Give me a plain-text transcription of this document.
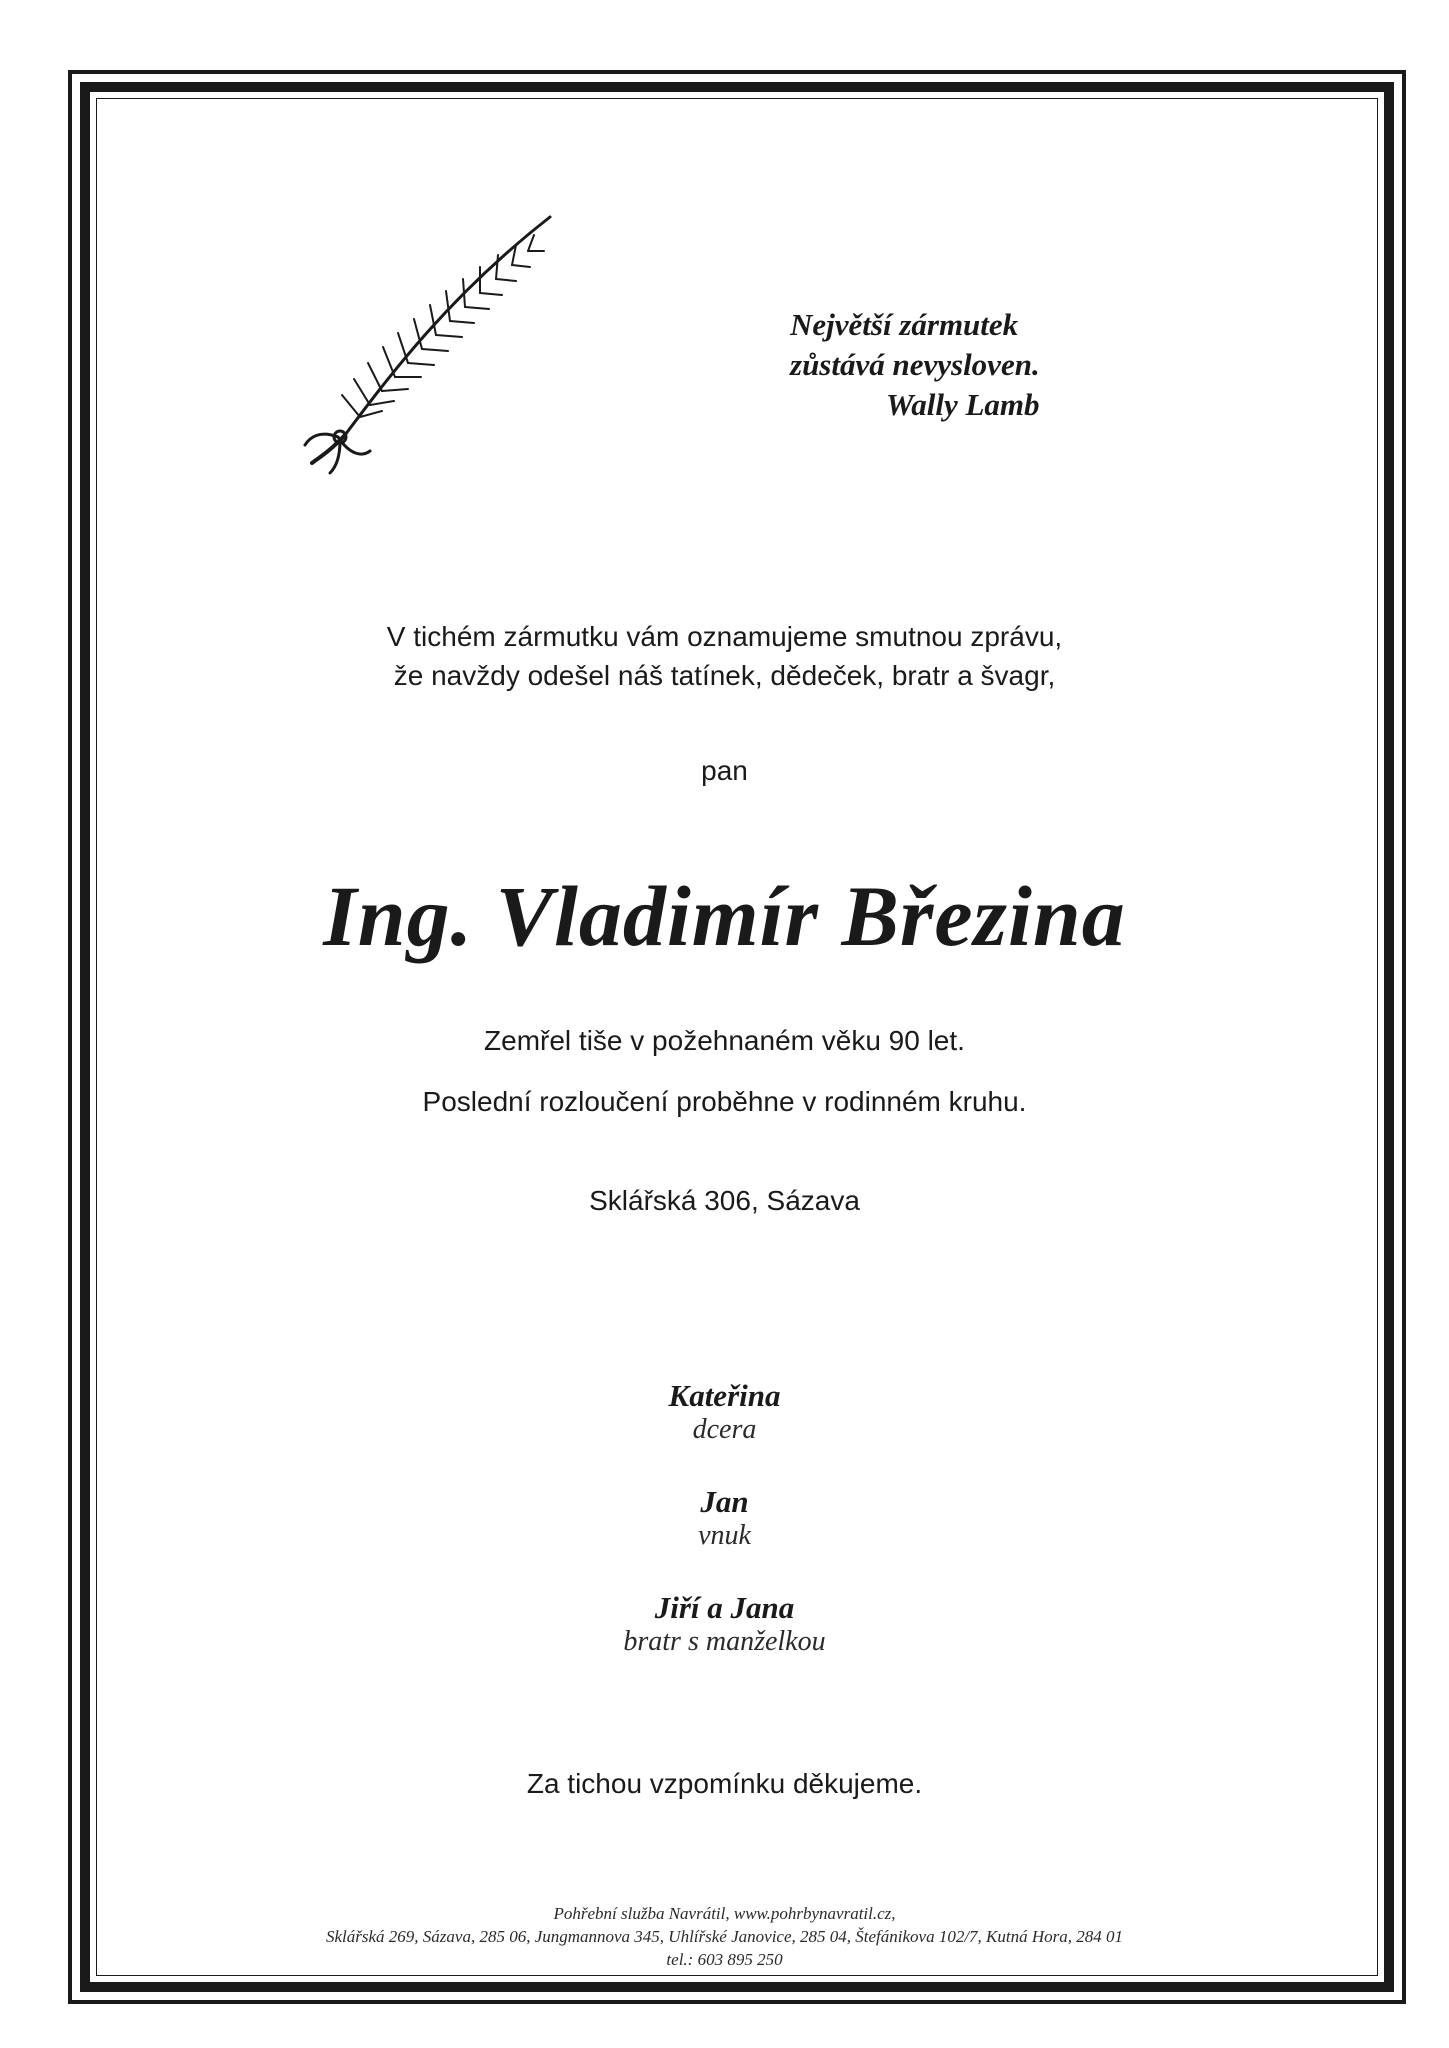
Největší zármutek
zůstává nevysloven.
Wally Lamb
V tichém zármutku vám oznamujeme smutnou zprávu,
že navždy odešel náš tatínek, dědeček, bratr a švagr,
pan
Ing. Vladimír Březina
Zemřel tiše v požehnaném věku 90 let.
Poslední rozloučení proběhne v rodinném kruhu.
Sklářská 306, Sázava
Kateřina
dcera
Jan
vnuk
Jiří a Jana
bratr s manželkou
Za tichou vzpomínku děkujeme.
Pohřební služba Navrátil, www.pohrbynavratil.cz,
Sklářská 269, Sázava, 285 06, Jungmannova 345, Uhlířské Janovice, 285 04, Štefánikova 102/7, Kutná Hora, 284 01
tel.: 603 895 250
